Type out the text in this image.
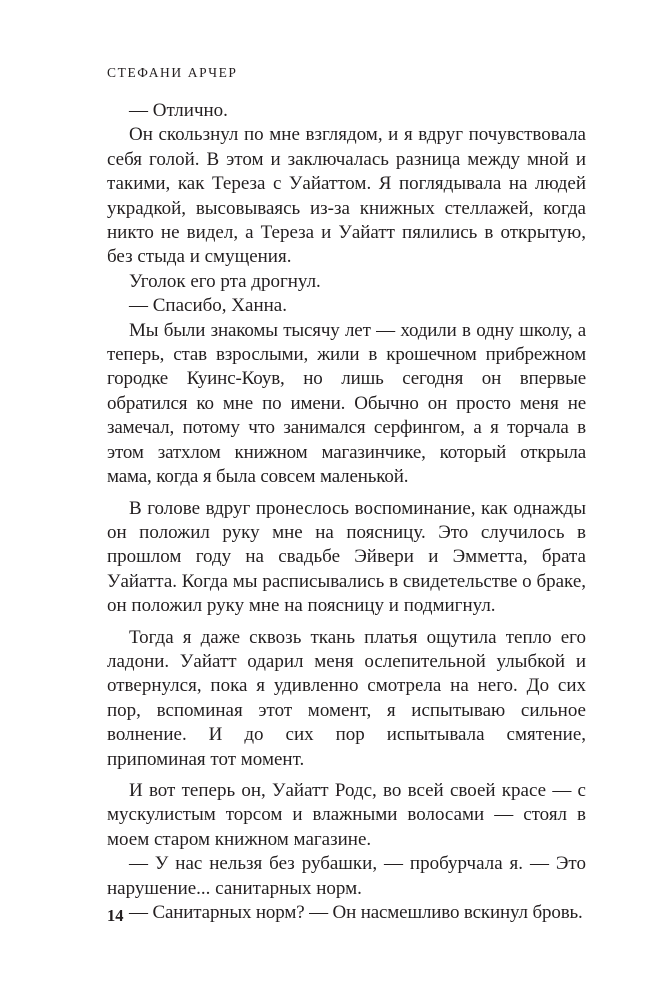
СТЕФАНИ АРЧЕР

— Отлично.

Он скользнул по мне взглядом, и я вдруг почувствовала себя голой. В этом и заключалась разница между мной и такими, как Тереза с Уайаттом. Я поглядывала на людей украдкой, высовываясь из-за книжных стеллажей, когда никто не видел, а Тереза и Уайатт пялились в открытую, без стыда и смущения.

Уголок его рта дрогнул.

— Спасибо, Ханна.

Мы были знакомы тысячу лет — ходили в одну школу, а теперь, став взрослыми, жили в крошечном прибрежном городке Куинс-Коув, но лишь сегодня он впервые обратился ко мне по имени. Обычно он просто меня не замечал, потому что занимался серфингом, а я торчала в этом затхлом книжном магазинчике, который открыла мама, когда я была совсем маленькой.

В голове вдруг пронеслось воспоминание, как однажды он положил руку мне на поясницу. Это случилось в прошлом году на свадьбе Эйвери и Эмметта, брата Уайатта. Когда мы расписывались в свидетельстве о браке, он положил руку мне на поясницу и подмигнул.

Тогда я даже сквозь ткань платья ощутила тепло его ладони. Уайатт одарил меня ослепительной улыбкой и отвернулся, пока я удивленно смотрела на него. До сих пор, вспоминая этот момент, я испытываю сильное волнение. И до сих пор испытывала смятение, припоминая тот момент.

И вот теперь он, Уайатт Родс, во всей своей красе — с мускулистым торсом и влажными волосами — стоял в моем старом книжном магазине.

— У нас нельзя без рубашки, — пробурчала я. — Это нарушение... санитарных норм.

— Санитарных норм? — Он насмешливо вскинул бровь.

14
